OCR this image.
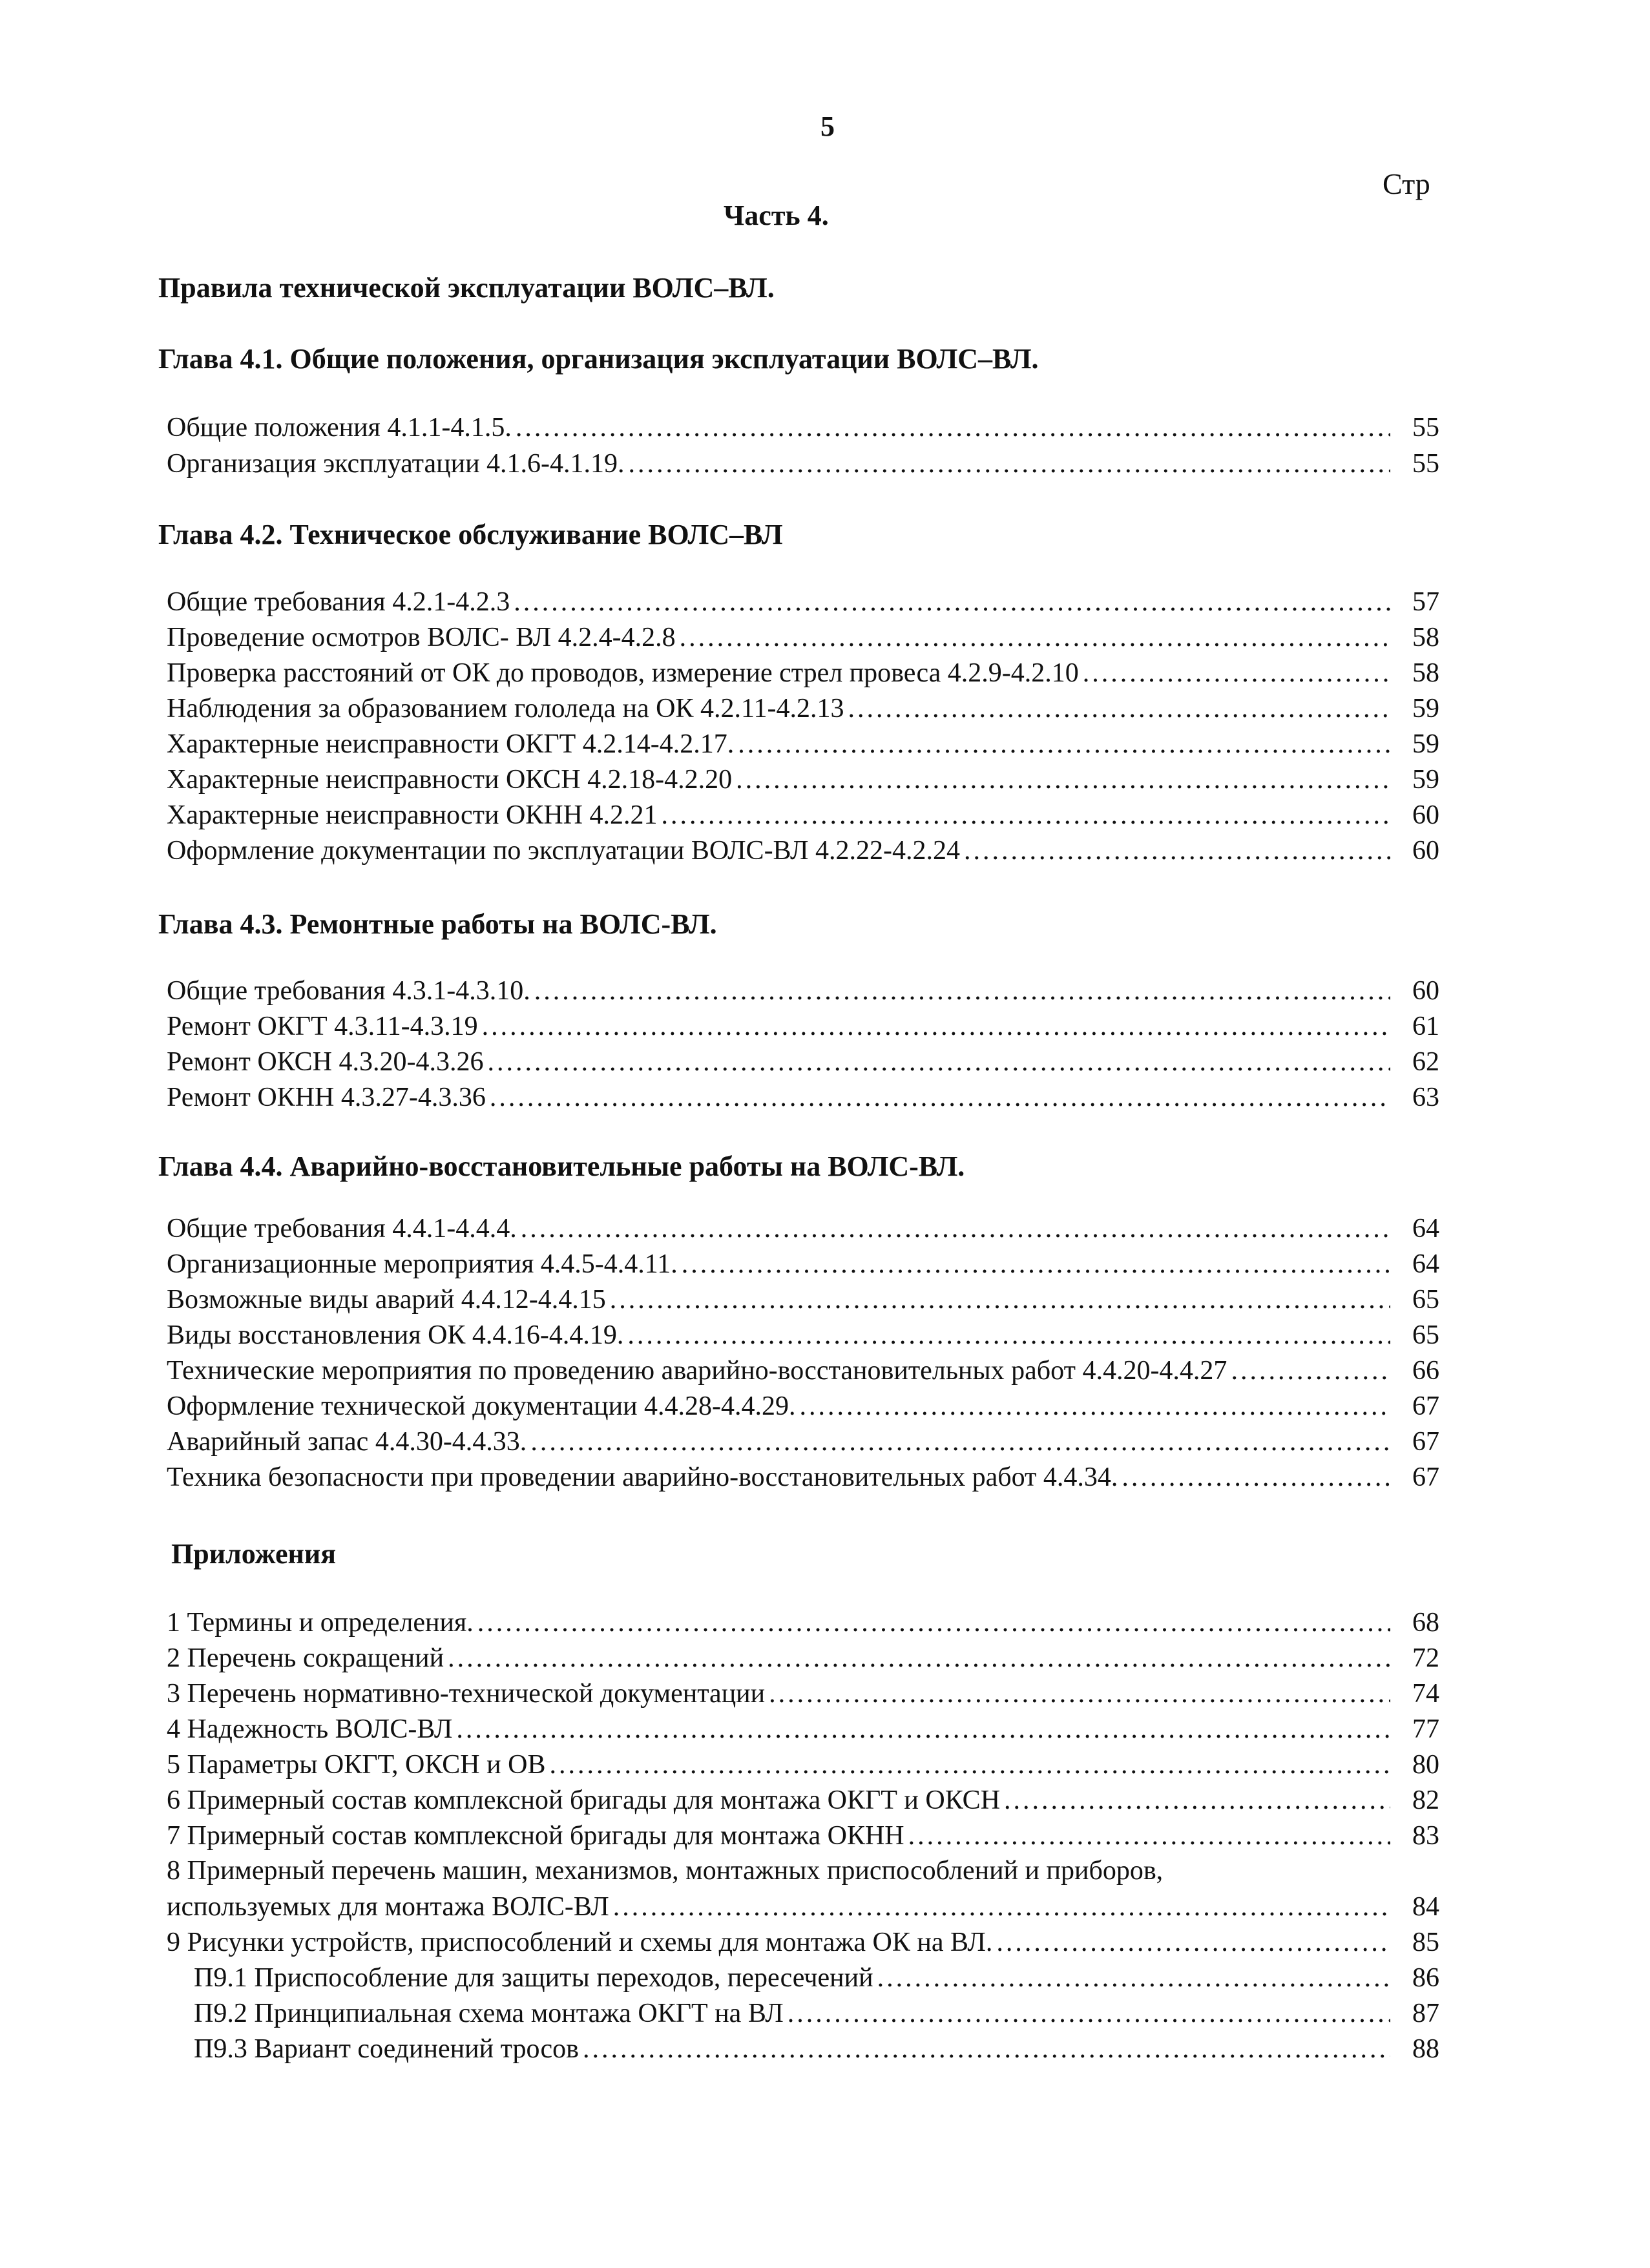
5
Стр
Часть 4.
Правила технической эксплуатации ВОЛС–ВЛ.
Глава 4.1. Общие положения, организация эксплуатации ВОЛС–ВЛ.
Общие положения 4.1.1-4.1.5. .....	55
Организация эксплуатации 4.1.6-4.1.19. .....	55
Глава 4.2. Техническое обслуживание ВОЛС–ВЛ
Общие требования 4.2.1-4.2.3 .....	57
Проведение осмотров ВОЛС- ВЛ 4.2.4-4.2.8 .....	58
Проверка расстояний от ОК до проводов, измерение стрел провеса 4.2.9-4.2.10 .....	58
Наблюдения за образованием гололеда на ОК 4.2.11-4.2.13 .....	59
Характерные неисправности ОКГТ 4.2.14-4.2.17. .....	59
Характерные неисправности ОКСН 4.2.18-4.2.20 .....	59
Характерные неисправности ОКНН 4.2.21 .....	60
Оформление документации по эксплуатации ВОЛС-ВЛ 4.2.22-4.2.24 .....	60
Глава 4.3. Ремонтные работы на ВОЛС-ВЛ.
Общие требования 4.3.1-4.3.10. .....	60
Ремонт ОКГТ 4.3.11-4.3.19 .....	61
Ремонт ОКСН 4.3.20-4.3.26 .....	62
Ремонт ОКНН 4.3.27-4.3.36 .....	63
Глава 4.4. Аварийно-восстановительные работы на ВОЛС-ВЛ.
Общие требования 4.4.1-4.4.4. .....	64
Организационные мероприятия 4.4.5-4.4.11. .....	64
Возможные виды аварий 4.4.12-4.4.15 .....	65
Виды восстановления ОК 4.4.16-4.4.19. .....	65
Технические мероприятия по проведению аварийно-восстановительных работ 4.4.20-4.4.27 .....	66
Оформление технической документации 4.4.28-4.4.29. .....	67
Аварийный запас 4.4.30-4.4.33. .....	67
Техника безопасности при проведении аварийно-восстановительных работ 4.4.34. .....	67
Приложения
1 Термины и определения. .....	68
2 Перечень сокращений .....	72
3 Перечень нормативно-технической документации .....	74
4 Надежность ВОЛС-ВЛ .....	77
5 Параметры ОКГТ, ОКСН и ОВ .....	80
6 Примерный состав комплексной бригады для монтажа ОКГТ и ОКСН .....	82
7 Примерный состав комплексной бригады для монтажа ОКНН .....	83
8 Примерный перечень машин, механизмов, монтажных приспособлений и приборов,
используемых для монтажа ВОЛС-ВЛ .....	84
9 Рисунки устройств, приспособлений и схемы для монтажа ОК на ВЛ. .....	85
П9.1 Приспособление для защиты переходов, пересечений .....	86
П9.2 Принципиальная схема монтажа ОКГТ на ВЛ .....	87
П9.3 Вариант соединений тросов .....	88
